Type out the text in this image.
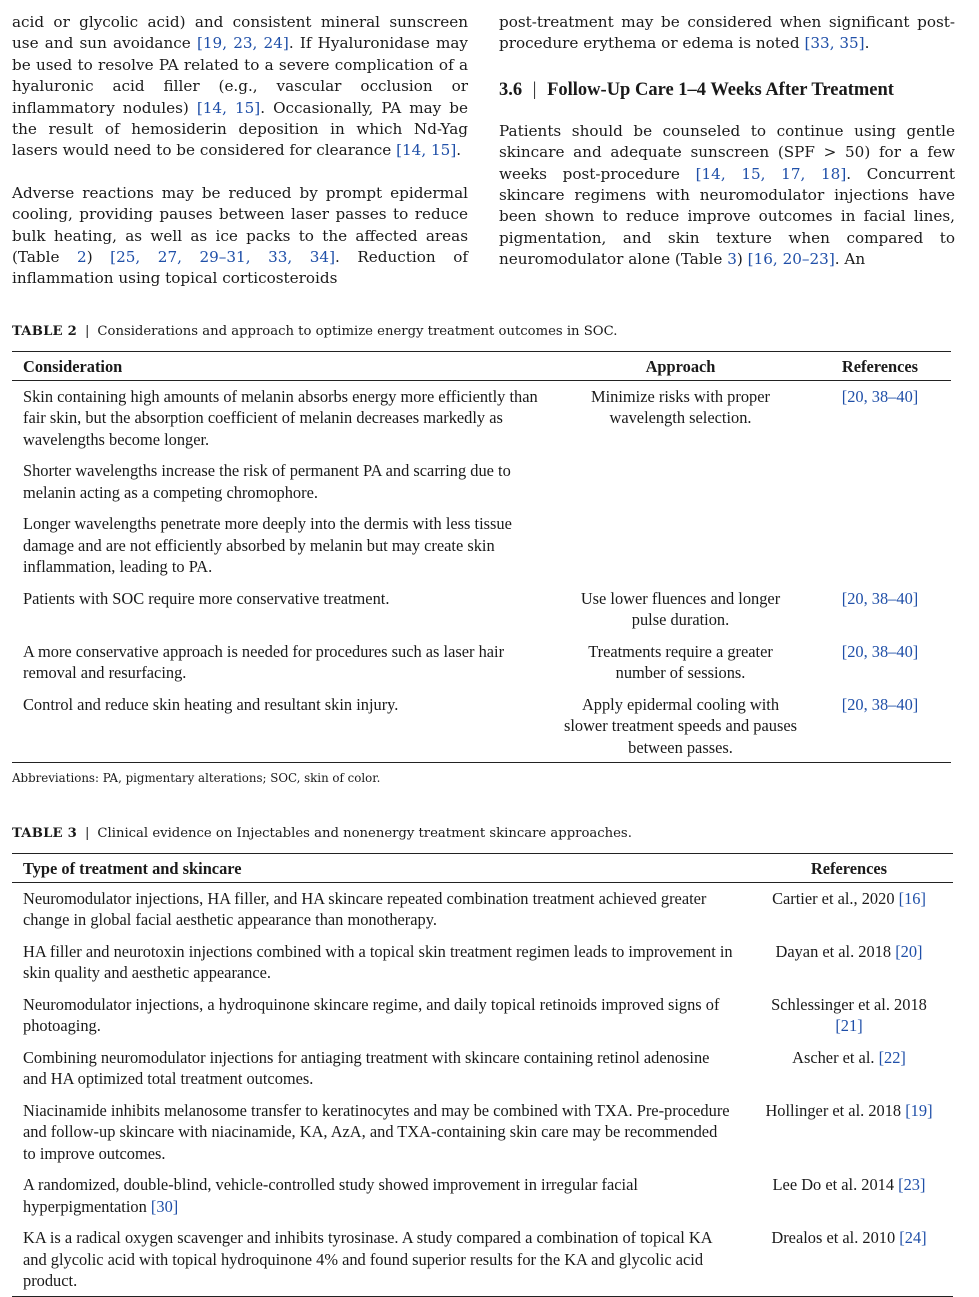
acid or glycolic acid) and consistent mineral sunscreen use and sun avoidance [19, 23, 24]. If Hyaluronidase may be used to resolve PA related to a severe complication of a hyaluronic acid filler (e.g., vascular occlusion or inflammatory nodules) [14, 15]. Occasionally, PA may be the result of hemosiderin deposition in which Nd-Yag lasers would need to be considered for clearance [14, 15].

Adverse reactions may be reduced by prompt epidermal cooling, providing pauses between laser passes to reduce bulk heating, as well as ice packs to the affected areas (Table 2) [25, 27, 29–31, 33, 34]. Reduction of inflammation using topical corticosteroids

post-treatment may be considered when significant post-procedure erythema or edema is noted [33, 35].

3.6 | Follow-Up Care 1–4 Weeks After Treatment

Patients should be counseled to continue using gentle skincare and adequate sunscreen (SPF > 50) for a few weeks post-procedure [14, 15, 17, 18]. Concurrent skincare regimens with neuromodulator injections have been shown to reduce improve outcomes in facial lines, pigmentation, and skin texture when compared to neuromodulator alone (Table 3) [16, 20–23]. An

TABLE 2 | Considerations and approach to optimize energy treatment outcomes in SOC.
Consideration	Approach	References
Skin containing high amounts of melanin absorbs energy more efficiently than fair skin, but the absorption coefficient of melanin decreases markedly as wavelengths become longer.	Minimize risks with proper wavelength selection.	[20, 38–40]
Shorter wavelengths increase the risk of permanent PA and scarring due to melanin acting as a competing chromophore.		
Longer wavelengths penetrate more deeply into the dermis with less tissue damage and are not efficiently absorbed by melanin but may create skin inflammation, leading to PA.		
Patients with SOC require more conservative treatment.	Use lower fluences and longer pulse duration.	[20, 38–40]
A more conservative approach is needed for procedures such as laser hair removal and resurfacing.	Treatments require a greater number of sessions.	[20, 38–40]
Control and reduce skin heating and resultant skin injury.	Apply epidermal cooling with slower treatment speeds and pauses between passes.	[20, 38–40]
Abbreviations: PA, pigmentary alterations; SOC, skin of color.
TABLE 3 | Clinical evidence on Injectables and nonenergy treatment skincare approaches.
Type of treatment and skincare	References
Neuromodulator injections, HA filler, and HA skincare repeated combination treatment achieved greater change in global facial aesthetic appearance than monotherapy.	Cartier et al., 2020 [16]
HA filler and neurotoxin injections combined with a topical skin treatment regimen leads to improvement in skin quality and aesthetic appearance.	Dayan et al. 2018 [20]
Neuromodulator injections, a hydroquinone skincare regime, and daily topical retinoids improved signs of photoaging.	Schlessinger et al. 2018 [21]
Combining neuromodulator injections for antiaging treatment with skincare containing retinol adenosine and HA optimized total treatment outcomes.	Ascher et al. [22]
Niacinamide inhibits melanosome transfer to keratinocytes and may be combined with TXA. Pre-procedure and follow-up skincare with niacinamide, KA, AzA, and TXA-containing skin care may be recommended to improve outcomes.	Hollinger et al. 2018 [19]
A randomized, double-blind, vehicle-controlled study showed improvement in irregular facial hyperpigmentation [30]	Lee Do et al. 2014 [23]
KA is a radical oxygen scavenger and inhibits tyrosinase. A study compared a combination of topical KA and glycolic acid with topical hydroquinone 4% and found superior results for the KA and glycolic acid product.	Drealos et al. 2010 [24]
